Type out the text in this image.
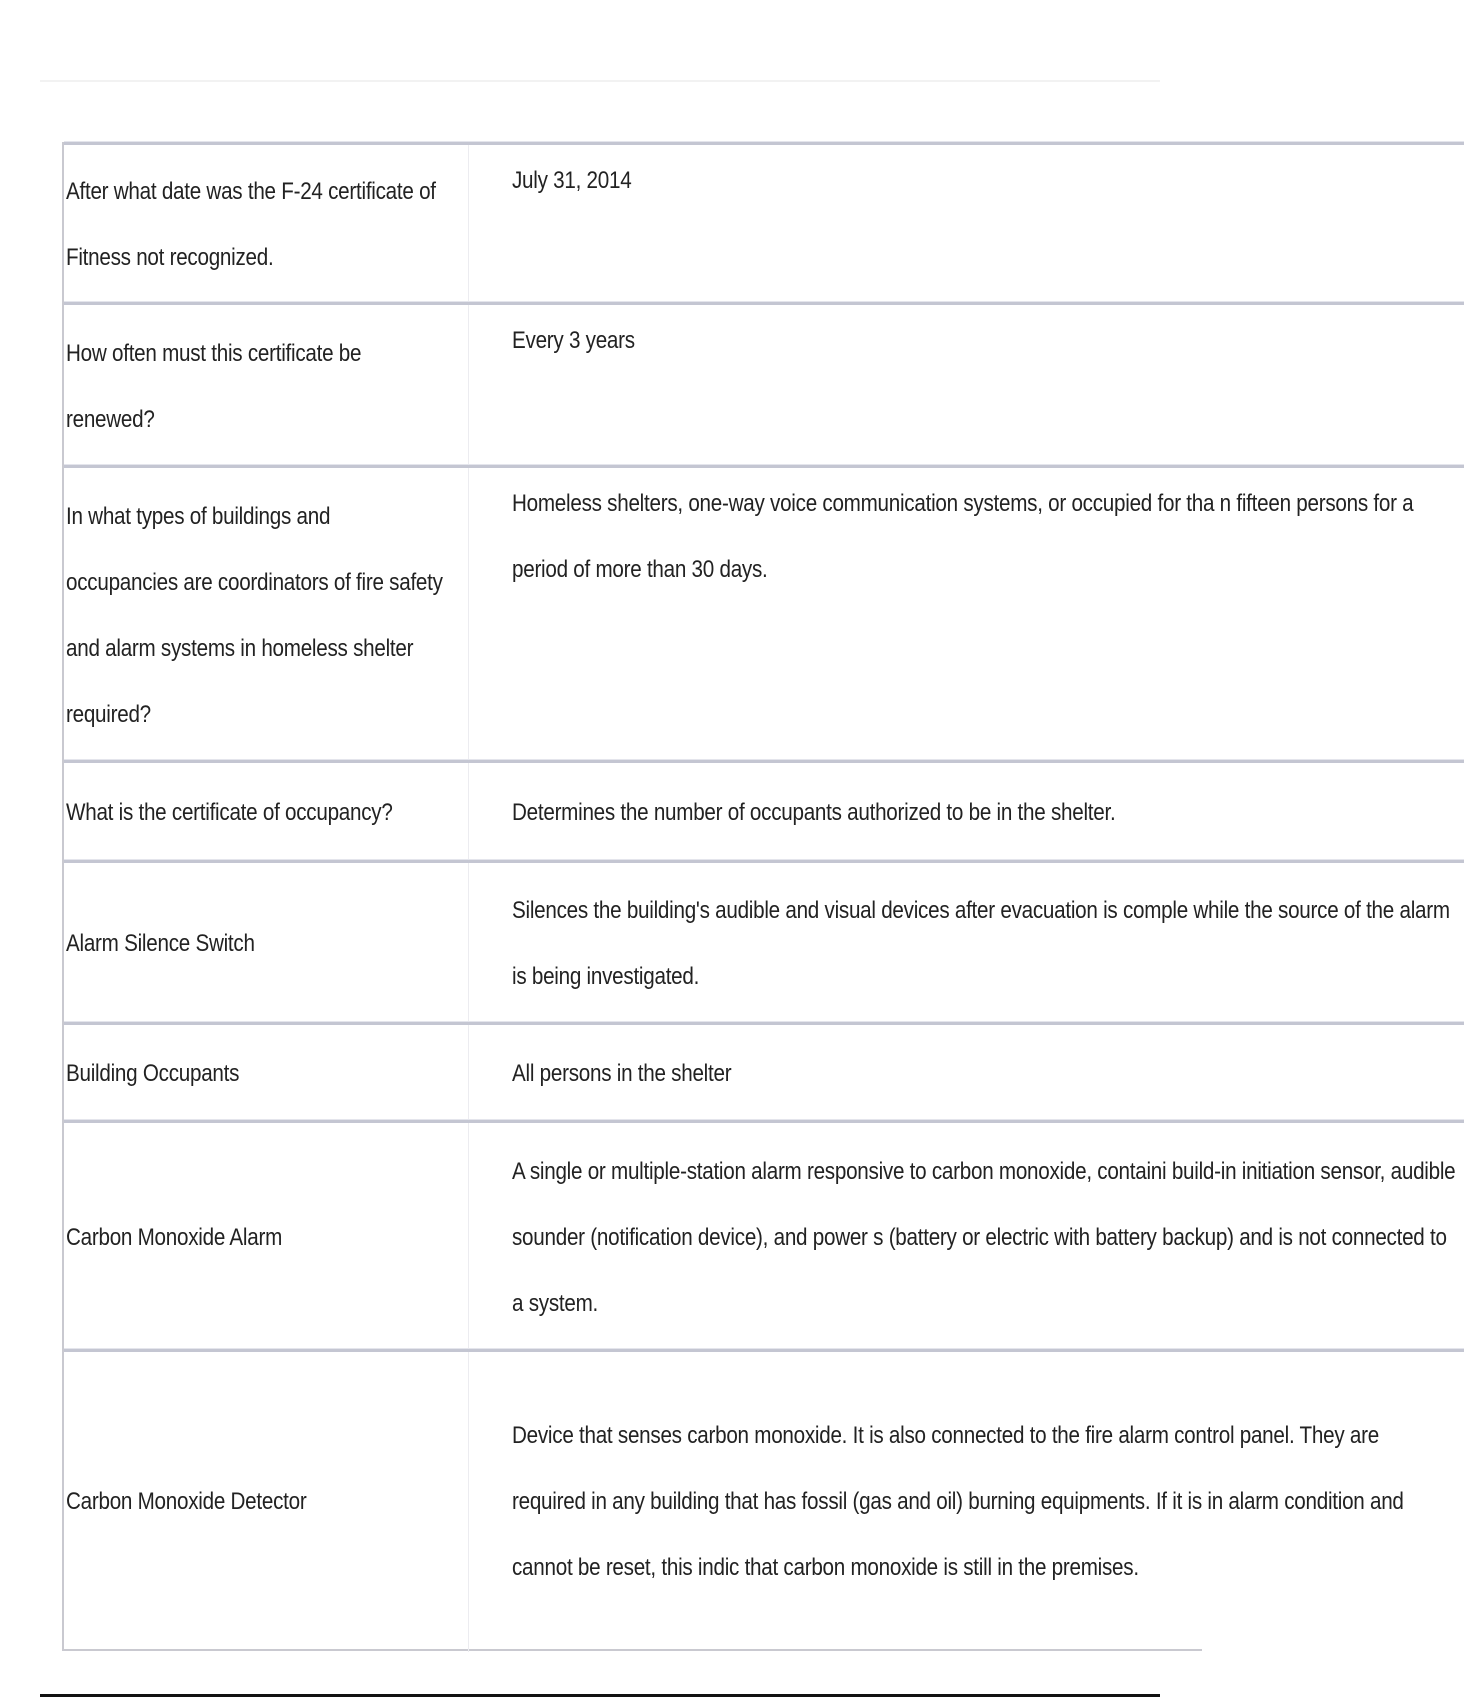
After what date was the F-24 certificate of Fitness not recognized.
July 31, 2014
How often must this certificate be renewed?
Every 3 years
In what types of buildings and occupancies are coordinators of fire safety and alarm systems in homeless shelter required?
Homeless shelters, one-way voice communication systems, or occupied for tha n fifteen persons for a period of more than 30 days.
What is the certificate of occupancy?	Determines the number of occupants authorized to be in the shelter.
Alarm Silence Switch
Silences the building's audible and visual devices after evacuation is comple while the source of the alarm is being investigated.
Building Occupants	All persons in the shelter
Carbon Monoxide Alarm
A single or multiple-station alarm responsive to carbon monoxide, containi build-in initiation sensor, audible sounder (notification device), and power s (battery or electric with battery backup) and is not connected to a system.
Carbon Monoxide Detector
Device that senses carbon monoxide. It is also connected to the fire alarm control panel. They are required in any building that has fossil (gas and oil) burning equipments. If it is in alarm condition and cannot be reset, this indic that carbon monoxide is still in the premises.
